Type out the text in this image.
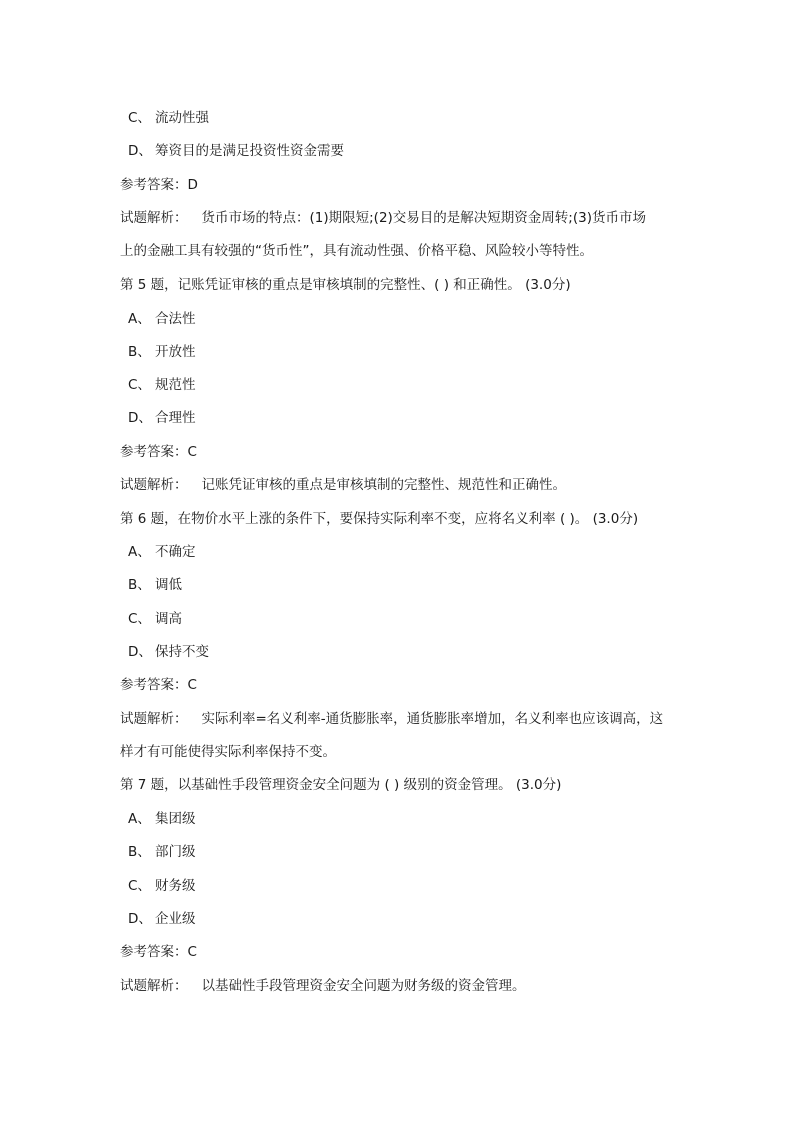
C、 流动性强
D、 筹资目的是满足投资性资金需要
参考答案：D
试题解析： 货币市场的特点：(1)期限短;(2)交易目的是解决短期资金周转;(3)货币市场
上的金融工具有较强的“货币性”，具有流动性强、价格平稳、风险较小等特性。
第 5 题，记账凭证审核的重点是审核填制的完整性、( ) 和正确性。 (3.0分)
A、 合法性
B、 开放性
C、 规范性
D、 合理性
参考答案：C
试题解析： 记账凭证审核的重点是审核填制的完整性、规范性和正确性。
第 6 题，在物价水平上涨的条件下，要保持实际利率不变，应将名义利率 ( )。 (3.0分)
A、 不确定
B、 调低
C、 调高
D、 保持不变
参考答案：C
试题解析： 实际利率=名义利率-通货膨胀率，通货膨胀率增加，名义利率也应该调高，这
样才有可能使得实际利率保持不变。
第 7 题，以基础性手段管理资金安全问题为 ( ) 级别的资金管理。 (3.0分)
A、 集团级
B、 部门级
C、 财务级
D、 企业级
参考答案：C
试题解析： 以基础性手段管理资金安全问题为财务级的资金管理。
